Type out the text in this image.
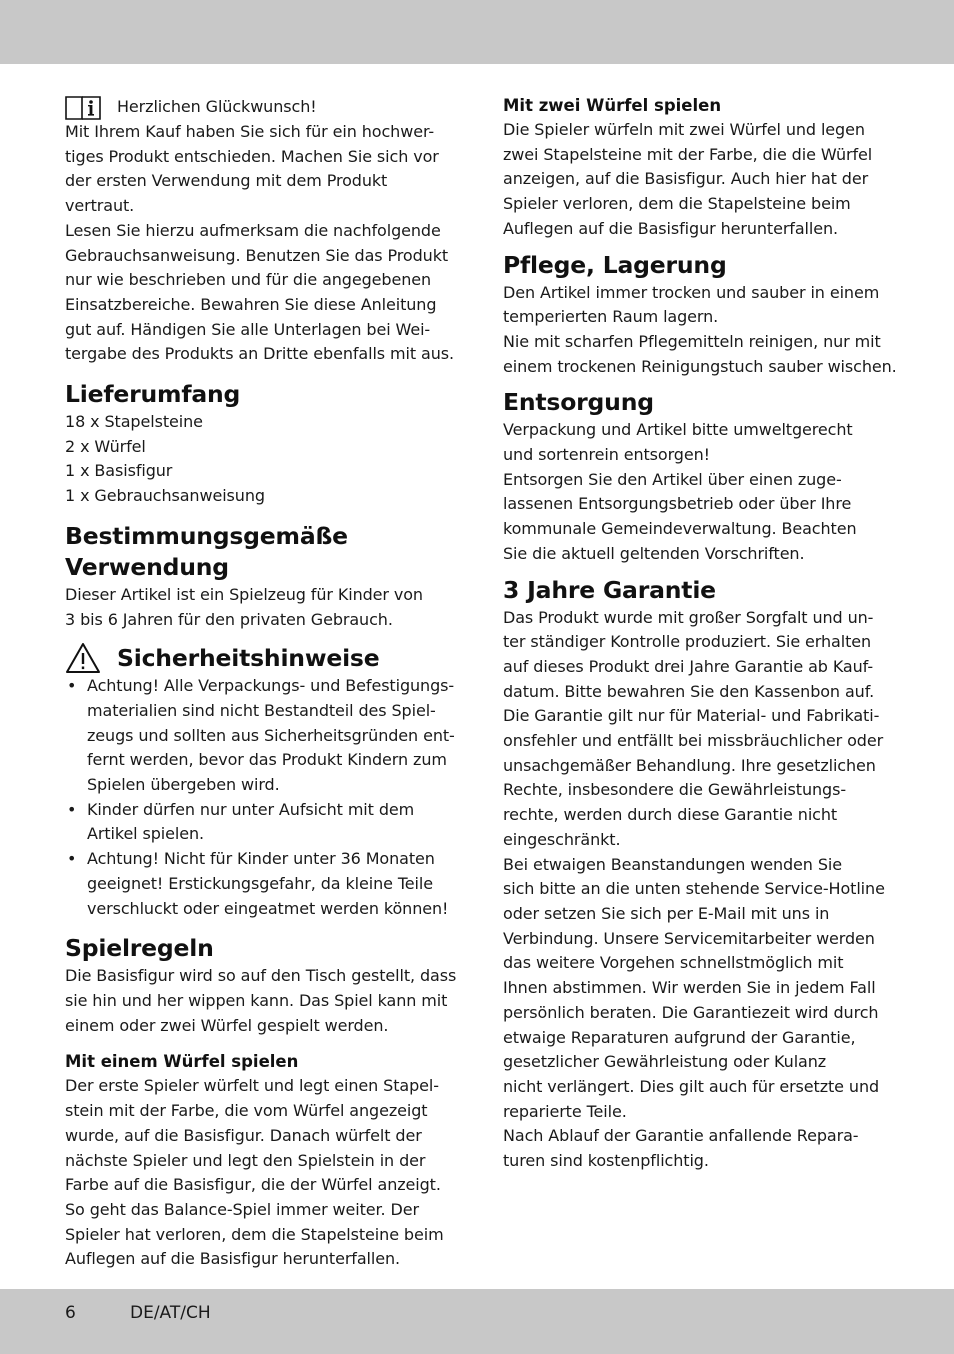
Herzlichen Glückwunsch!

Mit Ihrem Kauf haben Sie sich für ein hochwer-
tiges Produkt entschieden. Machen Sie sich vor
der ersten Verwendung mit dem Produkt vertraut.
Lesen Sie hierzu aufmerksam die nachfolgende
Gebrauchsanweisung. Benutzen Sie das Produkt
nur wie beschrieben und für die angegebenen
Einsatzbereiche. Bewahren Sie diese Anleitung
gut auf. Händigen Sie alle Unterlagen bei Wei-
tergabe des Produkts an Dritte ebenfalls mit aus.

Lieferumfang

18 x Stapelsteine
2 x Würfel
1 x Basisfigur
1 x Gebrauchsanweisung

Bestimmungsgemäße
Verwendung

Dieser Artikel ist ein Spielzeug für Kinder von
3 bis 6 Jahren für den privaten Gebrauch.

Sicherheitshinweise
• Achtung! Alle Verpackungs- und Befestigungs-
materialien sind nicht Bestandteil des Spiel-
zeugs und sollten aus Sicherheitsgründen ent-
fernt werden, bevor das Produkt Kindern zum
Spielen übergeben wird.
• Kinder dürfen nur unter Aufsicht mit dem
Artikel spielen.
• Achtung! Nicht für Kinder unter 36 Monaten
geeignet! Erstickungsgefahr, da kleine Teile
verschluckt oder eingeatmet werden können!
Spielregeln

Die Basisfigur wird so auf den Tisch gestellt, dass
sie hin und her wippen kann. Das Spiel kann mit
einem oder zwei Würfel gespielt werden.

Mit einem Würfel spielen

Der erste Spieler würfelt und legt einen Stapel-
stein mit der Farbe, die vom Würfel angezeigt
wurde, auf die Basisfigur. Danach würfelt der
nächste Spieler und legt den Spielstein in der
Farbe auf die Basisfigur, die der Würfel anzeigt.
So geht das Balance-Spiel immer weiter. Der
Spieler hat verloren, dem die Stapelsteine beim
Auflegen auf die Basisfigur herunterfallen.

Mit zwei Würfel spielen

Die Spieler würfeln mit zwei Würfel und legen
zwei Stapelsteine mit der Farbe, die die Würfel
anzeigen, auf die Basisfigur. Auch hier hat der
Spieler verloren, dem die Stapelsteine beim
Auflegen auf die Basisfigur herunterfallen.

Pflege, Lagerung

Den Artikel immer trocken und sauber in einem
temperierten Raum lagern.
Nie mit scharfen Pflegemitteln reinigen, nur mit
einem trockenen Reinigungstuch sauber wischen.

Entsorgung

Verpackung und Artikel bitte umweltgerecht
und sortenrein entsorgen!
Entsorgen Sie den Artikel über einen zuge-
lassenen Entsorgungsbetrieb oder über Ihre
kommunale Gemeindeverwaltung. Beachten
Sie die aktuell geltenden Vorschriften.

3 Jahre Garantie

Das Produkt wurde mit großer Sorgfalt und un-
ter ständiger Kontrolle produziert. Sie erhalten
auf dieses Produkt drei Jahre Garantie ab Kauf-
datum. Bitte bewahren Sie den Kassenbon auf.
Die Garantie gilt nur für Material- und Fabrikati-
onsfehler und entfällt bei missbräuchlicher oder
unsachgemäßer Behandlung. Ihre gesetzlichen
Rechte, insbesondere die Gewährleistungs-
rechte, werden durch diese Garantie nicht
eingeschränkt.
Bei etwaigen Beanstandungen wenden Sie
sich bitte an die unten stehende Service-Hotline
oder setzen Sie sich per E-Mail mit uns in
Verbindung. Unsere Servicemitarbeiter werden
das weitere Vorgehen schnellstmöglich mit
Ihnen abstimmen. Wir werden Sie in jedem Fall
persönlich beraten. Die Garantiezeit wird durch
etwaige Reparaturen aufgrund der Garantie,
gesetzlicher Gewährleistung oder Kulanz
nicht verlängert. Dies gilt auch für ersetzte und
reparierte Teile.
Nach Ablauf der Garantie anfallende Repara-
turen sind kostenpflichtig.

6	DE/AT/CH
